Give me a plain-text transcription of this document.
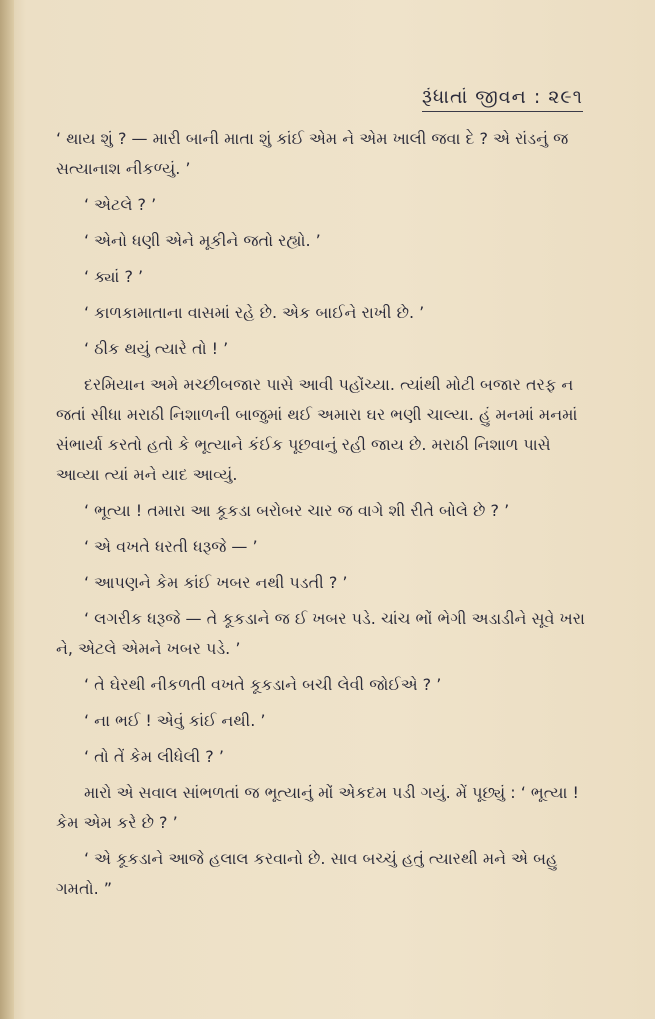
રૂંધાતાં જીવન : ૨૯૧

‘ થાય શું ? — મારી બાની માતા શું કાંઈ એમ ને એમ ખાલી જવા દે ? એ રાંડનું જ સત્યાનાશ નીકળ્યું. ’

‘ એટલે ? ’

‘ એનો ધણી એને મૂકીને જતો રહ્યો. ’

‘ ક્યાં ? ’

‘ કાળકામાતાના વાસમાં રહે છે. એક બાઈને રાખી છે. ’

‘ ઠીક થયું ત્યારે તો ! ’

દરમિયાન અમે મચ્છીબજાર પાસે આવી પહોંચ્યા. ત્યાંથી મોટી બજાર તરફ ન જતાં સીધા મરાઠી નિશાળની બાજુમાં થઈ અમારા ઘર ભણી ચાલ્યા. હું મનમાં મનમાં સંભાર્યા કરતો હતો કે ભૂત્યાને કંઈક પૂછવાનું રહી જાય છે. મરાઠી નિશાળ પાસે આવ્યા ત્યાં મને યાદ આવ્યું.

‘ ભૂત્યા ! તમારા આ કૂકડા બરોબર ચાર જ વાગે શી રીતે બોલે છે ? ’

‘ એ વખતે ધરતી ધરૂજે — ’

‘ આપણને કેમ કાંઈ ખબર નથી પડતી ? ’

‘ લગરીક ધરૂજે — તે કૂકડાને જ ઈ ખબર પડે. ચાંચ ભોં ભેગી અડાડીને સૂવે ખરા ને, એટલે એમને ખબર પડે. ’

‘ તે ઘેરથી નીકળતી વખતે કૂકડાને બચી લેવી જોઈએ ? ’

‘ ના ભઈ ! એવું કાંઈ નથી. ’

‘ તો તેં કેમ લીધેલી ? ’

મારો એ સવાલ સાંભળતાં જ ભૂત્યાનું મોં એકદમ પડી ગયું. મેં પૂછ્યું : ‘ ભૂત્યા ! કેમ એમ કરે છે ? ’

‘ એ કૂકડાને આજે હલાલ કરવાનો છે. સાવ બચ્ચું હતું ત્યારથી મને એ બહુ ગમતો. ”
